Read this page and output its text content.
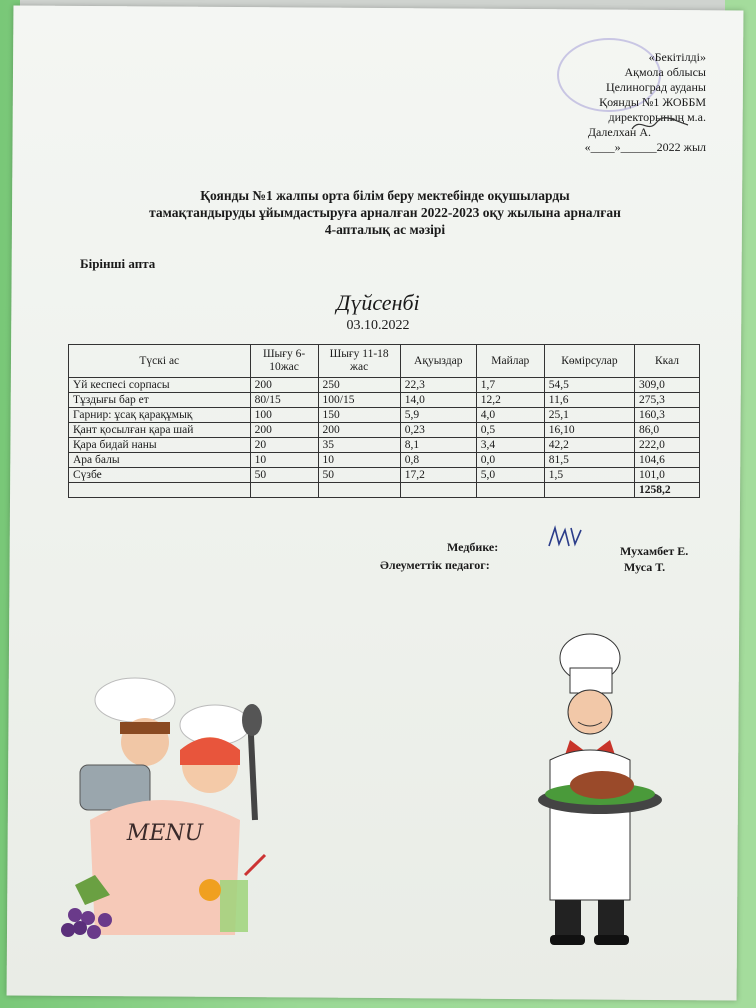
«Бекітілді»
Ақмола облысы
Целиноград ауданы
Қоянды №1 ЖОББМ
директорының м.а.
Далелхан А.
«____»______2022 жыл
Қоянды №1 жалпы орта білім беру мектебінде оқушыларды
тамақтандыруды ұйымдастыруға арналған 2022-2023 оқу жылына арналған
4-апталық ас мәзірі
Бірінші апта
Дүйсенбі
03.10.2022
Түскі ас	Шығу 6-10жас	Шығу 11-18 жас	Ақуыздар	Майлар	Көмірсулар	Ккал
Үй кеспесі сорпасы	200	250	22,3	1,7	54,5	309,0
Тұздығы бар ет	80/15	100/15	14,0	12,2	11,6	275,3
Гарнир: ұсақ қарақұмық	100	150	5,9	4,0	25,1	160,3
Қант қосылған қара шай	200	200	0,23	0,5	16,10	86,0
Қара бидай наны	20	35	8,1	3,4	42,2	222,0
Ара балы	10	10	0,8	0,0	81,5	104,6
Сүзбе	50	50	17,2	5,0	1,5	101,0
						1258,2
Медбике:	Мухамбет Е.
Әлеуметтік педагог:	Муса Т.
MENU
